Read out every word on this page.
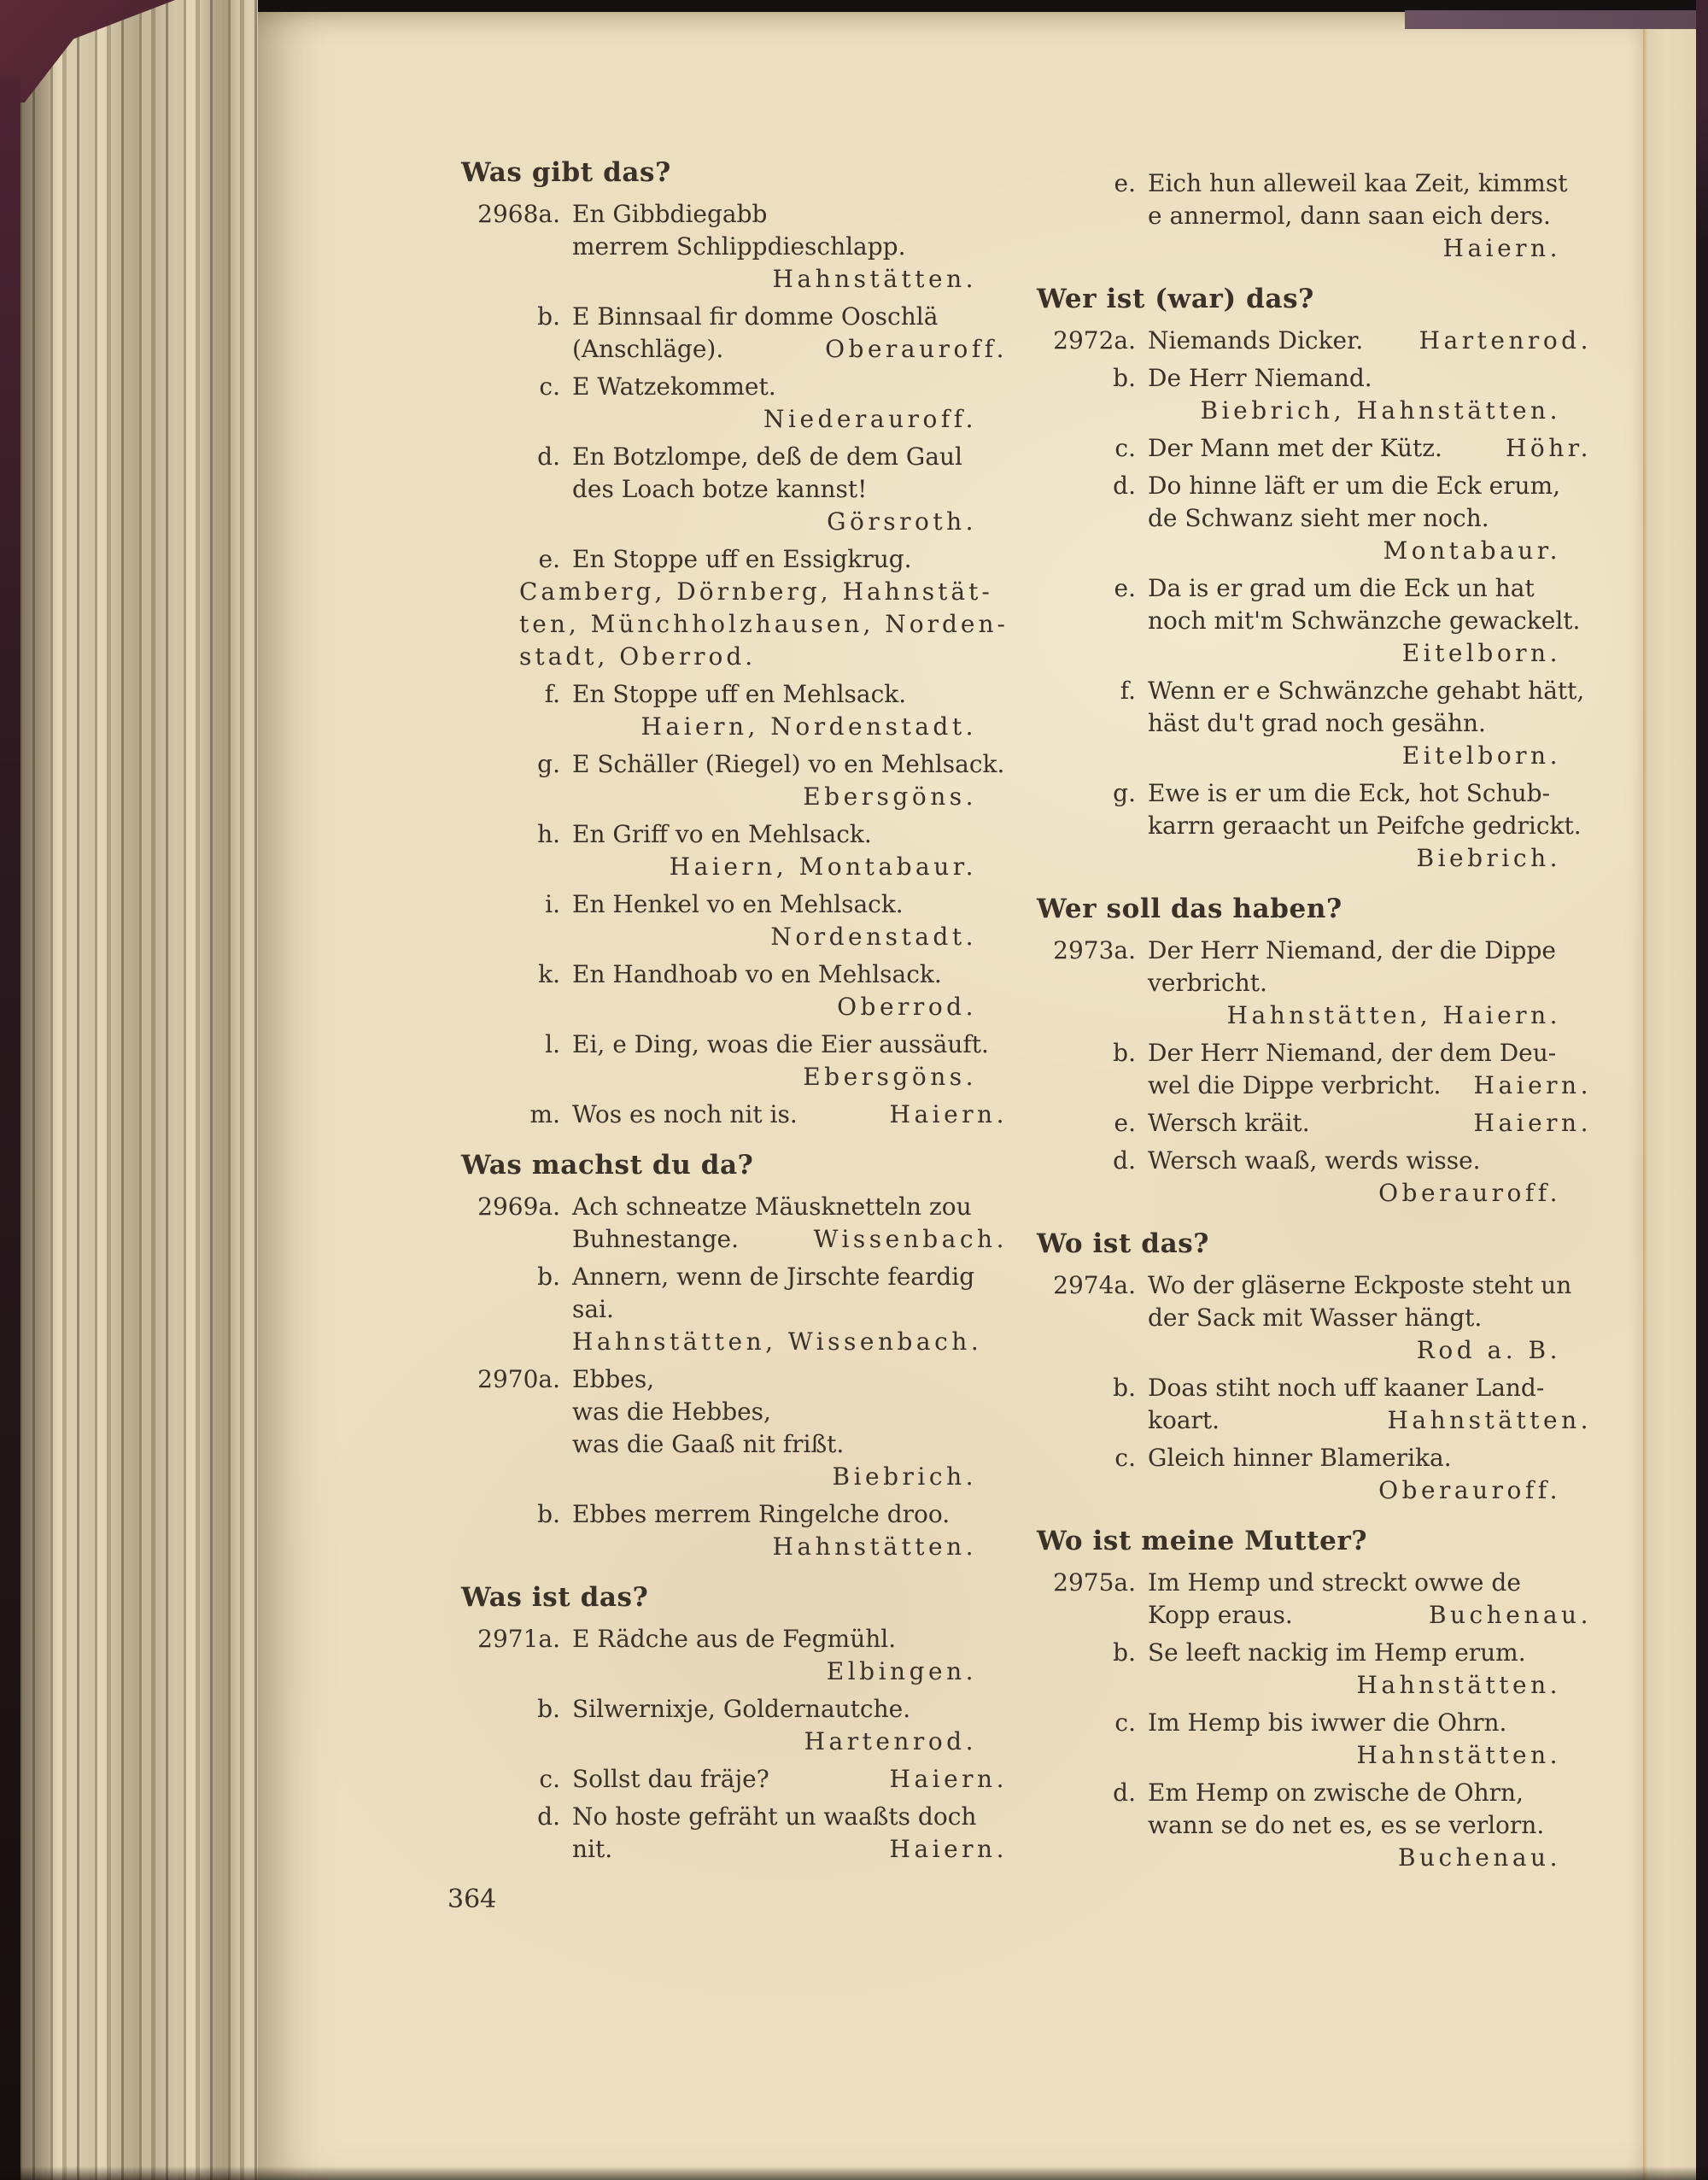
Was gibt das?
2968a. En Gibbdiegabb
merrem Schlippdieschlapp.
Hahnstätten.
b. E Binnsaal fir domme Ooschlä
(Anschläge).	Oberauroff.
c. E Watzekommet.
Niederauroff.
d. En Botzlompe, deß de dem Gaul
des Loach botze kannst!
Görsroth.
e. En Stoppe uff en Essigkrug.
Camberg, Dörnberg, Hahnstät-
ten, Münchholzhausen, Norden-
stadt, Oberrod.
f. En Stoppe uff en Mehlsack.
Haiern, Nordenstadt.
g. E Schäller (Riegel) vo en Mehlsack.
Ebersgöns.
h. En Griff vo en Mehlsack.
Haiern, Montabaur.
i. En Henkel vo en Mehlsack.
Nordenstadt.
k. En Handhoab vo en Mehlsack.
Oberrod.
l. Ei, e Ding, woas die Eier aussäuft.
Ebersgöns.
m. Wos es noch nit is.	Haiern.
Was machst du da?
2969a. Ach schneatze Mäusknetteln zou
Buhnestange.	Wissenbach.
b. Annern, wenn de Jirschte feardig
sai.
Hahnstätten, Wissenbach.
2970a. Ebbes,
was die Hebbes,
was die Gaaß nit frißt.
Biebrich.
b. Ebbes merrem Ringelche droo.
Hahnstätten.
Was ist das?
2971a. E Rädche aus de Fegmühl.
Elbingen.
b. Silwernixje, Goldernautche.
Hartenrod.
c. Sollst dau fräje?	Haiern.
d. No hoste gefräht un waaßts doch
nit.	Haiern.
e. Eich hun alleweil kaa Zeit, kimmst
e annermol, dann saan eich ders.
Haiern.
Wer ist (war) das?
2972a. Niemands Dicker. Hartenrod.
b. De Herr Niemand.
Biebrich, Hahnstätten.
c. Der Mann met der Kütz.	Höhr.
d. Do hinne läft er um die Eck erum,
de Schwanz sieht mer noch.
Montabaur.
e. Da is er grad um die Eck un hat
noch mit'm Schwänzche gewackelt.
Eitelborn.
f. Wenn er e Schwänzche gehabt hätt,
häst du't grad noch gesähn.
Eitelborn.
g. Ewe is er um die Eck, hot Schub-
karrn geraacht un Peifche gedrickt.
Biebrich.
Wer soll das haben?
2973a. Der Herr Niemand, der die Dippe
verbricht.
Hahnstätten, Haiern.
b. Der Herr Niemand, der dem Deu-
wel die Dippe verbricht. Haiern.
e. Wersch kräit.	Haiern.
d. Wersch waaß, werds wisse.
Oberauroff.
Wo ist das?
2974a. Wo der gläserne Eckposte steht un
der Sack mit Wasser hängt.
Rod a. B.
b. Doas stiht noch uff kaaner Land-
koart.	Hahnstätten.
c. Gleich hinner Blamerika.
Oberauroff.
Wo ist meine Mutter?
2975a. Im Hemp und streckt owwe de
Kopp eraus.	Buchenau.
b. Se leeft nackig im Hemp erum.
Hahnstätten.
c. Im Hemp bis iwwer die Ohrn.
Hahnstätten.
d. Em Hemp on zwische de Ohrn,
wann se do net es, es se verlorn.
Buchenau.
364
